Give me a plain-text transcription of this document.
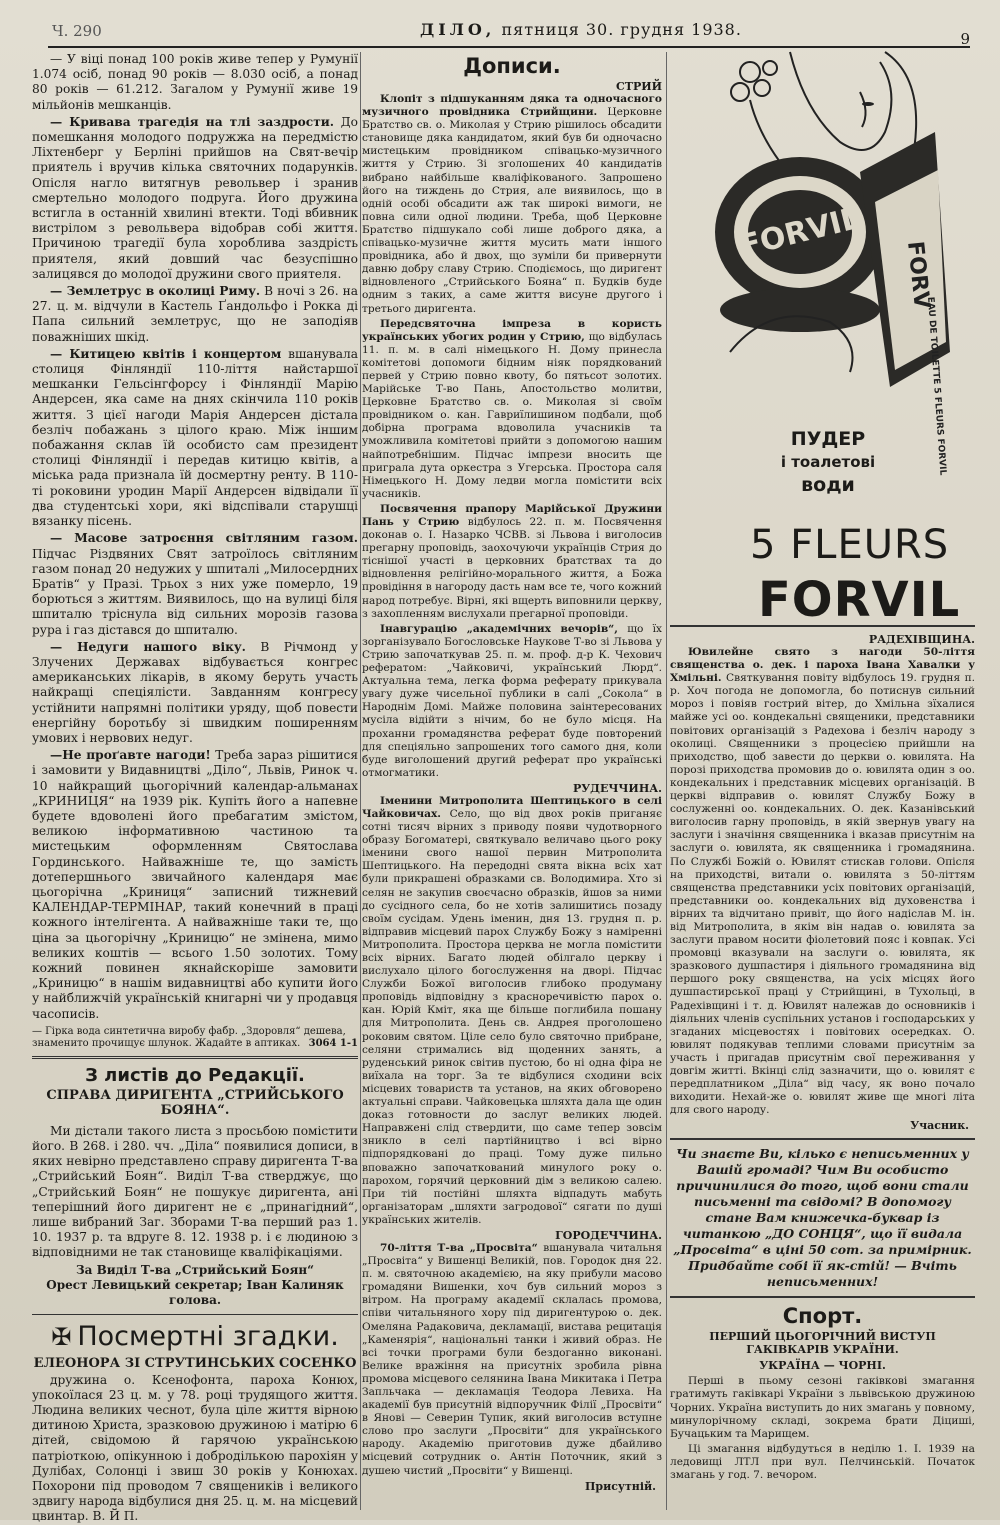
Ч. 290	ДІЛО, пятниця 30. грудня 1938.	9

— У віці понад 100 років живе тепер у Румунії 1.074 осіб, понад 90 років — 8.030 осіб, а понад 80 років — 61.212. Загалом у Румунії живе 19 мільйонів мешканців.

— Кривава трагедія на тлі заздрости. До помешкання молодого подружжа на передмістю Ліхтенберг у Берліні прийшов на Свят-вечір приятель і вручив кілька святочних подарунків. Опісля нагло витягнув револьвер і зранив смертельно молодого подруга. Його дружина встигла в останній хвилині втекти. Тоді вбивник вистрілом з револьвера відобрав собі життя. Причиною трагедії була хороблива заздрість приятеля, який довший час безуспішно залицявся до молодої дружини свого приятеля.

— Землетрус в околиці Риму. В ночі з 26. на 27. ц. м. відчули в Кастель Ґандольфо і Рокка ді Папа сильний землетрус, що не заподіяв поважніших шкід.

— Китицею квітів і концертом вшанувала столиця Фінляндії 110-ліття найстаршої мешканки Гельсінгфорсу і Фінляндії Марію Андерсен, яка саме на днях скінчила 110 років життя. З цієї нагоди Марія Андерсен дістала безліч побажань з цілого краю. Між іншим побажання склав їй особисто сам президент столиці Фінляндії і передав китицю квітів, а міська рада признала їй досмертну ренту. В 110-ті роковини уродин Марії Андерсен відвідали її два студентські хори, які відспівали старушці вязанку пісень.

— Масове затроєння світляним газом. Підчас Різдвяних Свят затроїлось світляним газом понад 20 недужих у шпиталі „Милосердних Братів“ у Празі. Трьох з них уже померло, 19 борються з життям. Виявилось, що на вулиці біля шпиталю тріснула від сильних морозів газова рура і газ дістався до шпиталю.

— Недуги нашого віку. В Річмонд у Злучених Державах відбувається конгрес американських лікарів, в якому беруть участь найкращі спеціялісти. Завданням конгресу устійнити напрямні політики уряду, щоб повести енергійну боротьбу зі швидким поширенням умових і нервових недуг.

—Не проґавте нагоди! Треба зараз рішитися і замовити у Видавництві „Діло“, Львів, Ринок ч. 10 найкращий цьогорічний календар-альманах „КРИНИЦЯ“ на 1939 рік. Купіть його а напевне будете вдоволені його пребагатим змістом, великою інформативною частиною та мистецьким оформленням Святослава Гординського. Найважніше те, що замість дотепершнього звичайного календаря має цьогорічна „Криниця“ записний тижневий КАЛЕНДАР-ТЕРМІНАР, такий конечний в праці кожного інтелігента. А найважніше таки те, що ціна за цьогорічну „Криницю“ не змінена, мимо великих коштів — всього 1.50 золотих. Тому кожний повинен якнайскоріше замовити „Криницю“ в нашім видавництві або купити його у найближчій українській книгарні чи у продавця часописів.

— Гірка вода синтетична виробу фабр. „Здоровля“ дешева, знаменито прочищує шлунок. Жадайте в аптиках. 3064 1-1
З листів до Редакції.
СПРАВА ДИРИГЕНТА „СТРИЙСЬКОГО БОЯНА“.

Ми дістали такого листа з просьбою помістити його. В 268. і 280. чч. „Діла“ появилися дописи, в яких невірно представлено справу диригента Т-ва „Стрийський Боян“. Виділ Т-ва стверджує, що „Стрийський Боян“ не пошукує диригента, ані теперішний його диригент не є „принагідний“, лише вибраний Заг. Зборами Т-ва перший раз 1. 10. 1937 р. та вдруге 8. 12. 1938 р. і є людиною з відповідними не так становище кваліфікаціями.

За Виділ Т-ва „Стрийський Боян“
Орест Левицький секретар; Іван Калиняк голова.
✠ Посмертні згадки.
ЕЛЕОНОРА ЗІ СТРУТИНСЬКИХ СОСЕНКО

дружина о. Ксенофонта, пароха Конюх, упокоїлася 23 ц. м. у 78. році трудящого життя. Людина великих чеснот, була ціле життя вірною дитиною Христа, зразковою дружиною і матірю 6 дітей, свідомою й гарячою українською патріоткою, опікунною і добродількою парохіян у Дулібах, Солонці і звиш 30 років у Конюхах. Похорони під проводом 7 священиків і великого здвигу народа відбулися дня 25. ц. м. на місцевий цвинтар. В. Й П.

Дописи.
СТРИЙ

Клопіт з підшуканням дяка та одночасного музичного провідника Стрийщини. Церковне Братство св. о. Миколая у Стрию рішилось обсадити становище дяка кандидатом, який був би одночасно мистецьким провідником співацько-музичного життя у Стрию. Зі зголошених 40 кандидатів вибрано найбільше кваліфікованого. Запрошено його на тиждень до Стрия, але виявилось, що в одній особі обсадити аж так широкі вимоги, не повна сили одної людини. Треба, щоб Церковне Братство підшукало собі лише доброго дяка, а співацько-музичне життя мусить мати іншого провідника, або й двох, що зуміли би привернути давню добру славу Стрию. Сподіємось, що диригент відновленого „Стрийського Бояна“ п. Будків буде одним з таких, а саме життя висуне другого і третього диригента.

Передсвяточна імпреза в користь українських убогих родин у Стрию, що відбулась 11. п. м. в салі німецького Н. Дому принесла комітетові допомоги бідним ніяк порядкований первей у Стрию повно квоту, бо пятьсот золотих. Марійське Т-во Пань, Апостольство молитви, Церковне Братство св. о. Миколая зі своїм провідником о. кан. Гавриїлишином подбали, щоб добірна програма вдоволила учасників та уможливила комітетові прийти з допомогою нашим найпотребнішим. Підчас імпрези вносить ще приграла дута оркестра з Угерська. Простора саля Німецького Н. Дому ледви могла помістити всіх учасників.

Посвячення прапору Марійської Дружини Пань у Стрию відбулось 22. п. м. Посвячення доконав о. І. Назарко ЧСВВ. зі Львова і виголосив прегарну проповідь, заохочуючи українців Стрия до тіснішої участі в церковних братствах та до відновлення релігійно-морального життя, а Божа провідіння в нагороду дасть нам все те, чого кожний народ потребує. Вірні, які вщерть виповнили церкву, з захопленням вислухали прегарної проповіди.

Інавгурацію „академічних вечорів“, що їх зорганізувало Богословське Наукове Т-во зі Львова у Стрию започаткував 25. п. м. проф. д-р К. Чехович рефератом: „Чайковичі, український Люрд“. Актуальна тема, легка форма реферату прикувала увагу дуже чисельної публики в салі „Сокола“ в Народнім Домі. Майже половина заінтересованих мусіла відійти з нічим, бо не було місця. На проханни громадянства реферат буде повторений для спеціяльно запрошених того самого дня, коли буде виголошений другий реферат про українські отмогматики.

РУДЕЧЧИНА.

Іменини Митрополита Шептицького в селі Чайковичах. Село, що від двох років приганяє сотні тисяч вірних з приводу появи чудотворного образу Богоматері, святкувало величаво цього року іменини свого нашої первин Митрополита Шептицького. На передодні свята вікна всіх хат були прикрашені образками св. Володимира. Хто зі селян не закупив своєчасно образків, йшов за ними до сусідного села, бо не хотів залишитись позаду своїм сусідам. Удень іменин, дня 13. грудня п. р. відправив місцевий парох Службу Божу з наміренні Митрополита. Простора церква не могла помістити всіх вірних. Багато людей обілгало церкву і вислухало цілого богослуження на дворі. Підчас Служби Божої виголосив глибоко продуману проповідь відповідну з красноречивістю парох о. кан. Юрій Кміт, яка ще більше поглибила пошану для Митрополита. День св. Андрея проголошено роковим святом. Ціле село було святочно прибране, селяни стримались від щоденних занять, а руденський ринок світив пустою, бо ні одна фіра не виїхала на торг. За те відбулися сходини всіх місцевих товариств та установ, на яких обговорено актуальні справи. Чайковецька шляхта дала ще один доказ готовности до заслуг великих людей. Направжені слід ствердити, що саме тепер зовсім зникло в селі партійництво і всі вірно підпорядковані до праці. Тому дуже пильно вповажно започаткований минулого року о. парохом, горячий церковний дім з великою салею. При тій постійні шляхта відпадуть мабуть організаторам „шляхти загродової“ сягати по душі українських жителів.

ГОРОДЕЧЧИНА.

70-ліття Т-ва „Просвіта“ вшанувала читальня „Просвіта“ у Вишенці Великій, пов. Городок дня 22. п. м. святочною академією, на яку прибули масово громадяни Вишенки, хоч був сильний мороз з вітром. На програму академії склалась промова, співи читальняного хору під диригентурою о. дек. Омеляна Радаковича, декламації, вистава рецитація „Каменярія“, національні танки і живий образ. Не всі точки програми були бездоганно виконані. Велике вражіння на присутніх зробила рівна промова місцевого селянина Івана Микитака і Петра Запльчака — декламація Теодора Левиха. На академії був присутній відпоручник Філії „Просвіти“ в Янові — Северин Тупик, який виголосив вступне слово про заслуги „Просвіти“ для українського народу. Академію приготовив дуже дбайливо місцевий сотрудник о. Антін Поточник, який з душею чистий „Просвіти“ у Вишенці.

Присутній.
FORVIL
FORV
EAU DE TOILETTE 5 FLEURS FORVIL
ПУДЕР
і тоалетові
води
5 FLEURS
FORVIL
РАДЕХІВЩИНА.

Ювилейне свято з нагоди 50-ліття священства о. дек. і пароха Івана Хавалки у Хмільні. Святкування повіту відбулось 19. грудня п. р. Хоч погода не допомогла, бо потиснув сильний мороз і повіяв гострий вітер, до Хмільна зїхалися майже усі оо. кондекальні священики, представники повітових організацій з Радехова і безліч народу з околиці. Священники з процесією прийшли на приходство, щоб завести до церкви о. ювилята. На порозі приходства промовив до о. ювилята один з оо. кондекальних і представник місцевих організацій. В церкві відправив о. ювилят Службу Божу в сослуженні оо. кондекальних. О. дек. Казанівський виголосив гарну проповідь, в якій звернув увагу на заслуги і значіння священника і вказав присутнім на заслуги о. ювилята, як священника і громадянина. По Службі Божій о. Ювилят стискав голови. Опісля на приходстві, витали о. ювилята з 50-літтям священства представники усіх повітових організацій, представники оо. кондекальних від духовенства і вірних та відчитано привіт, що його надіслав М. ін. від Митрополита, в якім він надав о. ювилята за заслуги правом носити фіолетовий пояс і ковпак. Усі промовці вказували на заслуги о. ювилята, як зразкового душпастиря і діяльного громадянина від першого року священства, на усіх місцях його душпастирської праці у Стрийщині, в Тухольці, в Радехівщині і т. д. Ювилят належав до основників і діяльних членів суспільних установ і господарських у згаданих місцевостях і повітових осередках. О. ювилят подякував теплими словами присутнім за участь і пригадав присутнім свої переживання у довгім житті. Вкінці слід зазначити, що о. ювилят є передплатником „Діла“ від часу, як воно почало виходити. Нехай-же о. ювилят живе ще многі літа для свого народу.

Учасник.
Чи знаєте Ви, кілько є неписьменних у Вашій громаді? Чим Ви особисто причинилися до того, щоб вони стали письменні та свідомі? В допомогу стане Вам книжечка-буквар із читанкою „ДО СОНЦЯ“, що її видала „Просвіта“ в ціні 50 сот. за примірник. Придбайте собі її як-стій! — Вчіть неписьменних!
Спорт.
ПЕРШИЙ ЦЬОГОРІЧНИЙ ВИСТУП ГАКІВКАРІВ УКРАЇНИ.
УКРАЇНА — ЧОРНІ.

Перші в пьому сезоні гаківкові змагання гратимуть гаківкарі України з львівською дружиною Чорних. Україна виступить до них змагань у повному, минулорічному складі, зокрема брати Діциші, Бучацьким та Марищем.

Ці змагання відбудуться в неділю 1. І. 1939 на ледовищі ЛТЛ при вул. Пелчинській. Початок змагань у год. 7. вечором.
